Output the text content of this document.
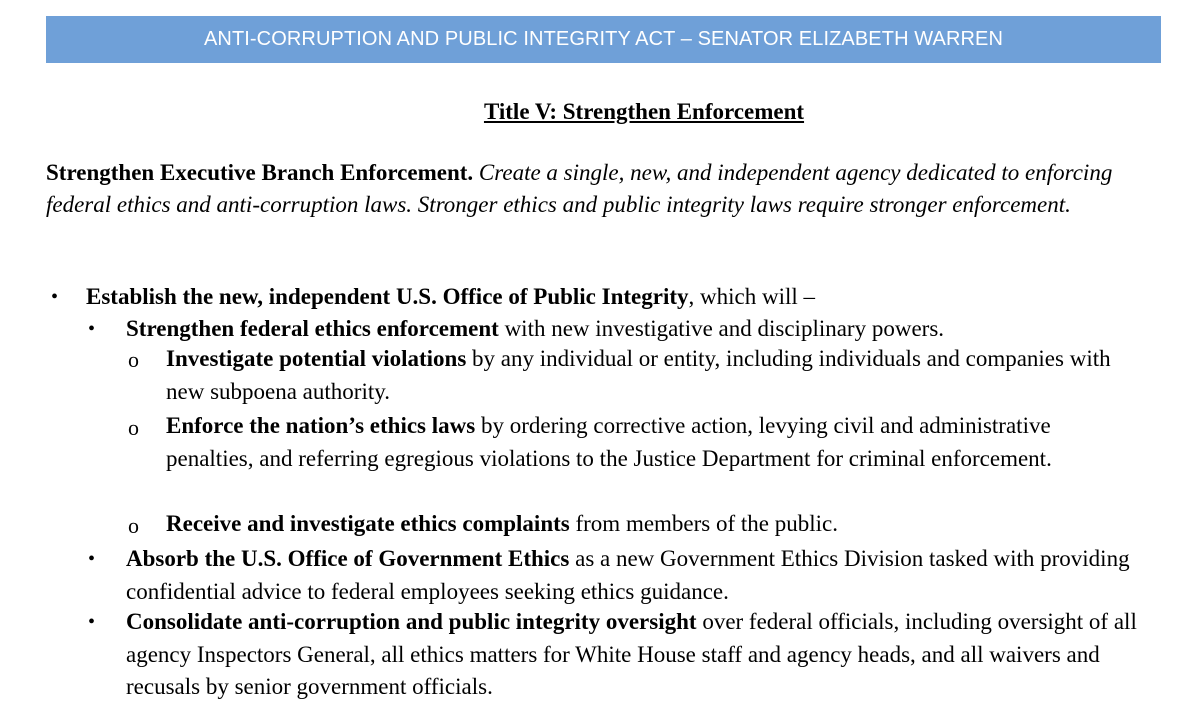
ANTI-CORRUPTION AND PUBLIC INTEGRITY ACT – SENATOR ELIZABETH WARREN
Title V: Strengthen Enforcement
Strengthen Executive Branch Enforcement. Create a single, new, and independent agency dedicated to enforcing federal ethics and anti-corruption laws. Stronger ethics and public integrity laws require stronger enforcement.
• Establish the new, independent U.S. Office of Public Integrity, which will –
• Strengthen federal ethics enforcement with new investigative and disciplinary powers.
o Investigate potential violations by any individual or entity, including individuals and companies with new subpoena authority.
o Enforce the nation’s ethics laws by ordering corrective action, levying civil and administrative penalties, and referring egregious violations to the Justice Department for criminal enforcement.
o Receive and investigate ethics complaints from members of the public.
• Absorb the U.S. Office of Government Ethics as a new Government Ethics Division tasked with providing confidential advice to federal employees seeking ethics guidance.
• Consolidate anti-corruption and public integrity oversight over federal officials, including oversight of all agency Inspectors General, all ethics matters for White House staff and agency heads, and all waivers and recusals by senior government officials.
